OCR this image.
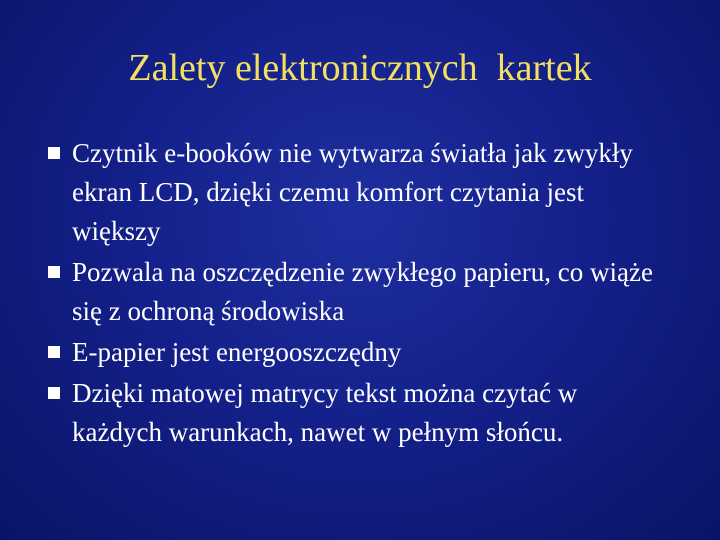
Zalety elektronicznych  kartek
Czytnik e-booków nie wytwarza światła jak zwykły ekran LCD, dzięki czemu komfort czytania jest większy
Pozwala na oszczędzenie zwykłego papieru, co wiąże się z ochroną środowiska
E-papier jest energooszczędny
Dzięki matowej matrycy tekst można czytać w każdych warunkach, nawet w pełnym słońcu.
